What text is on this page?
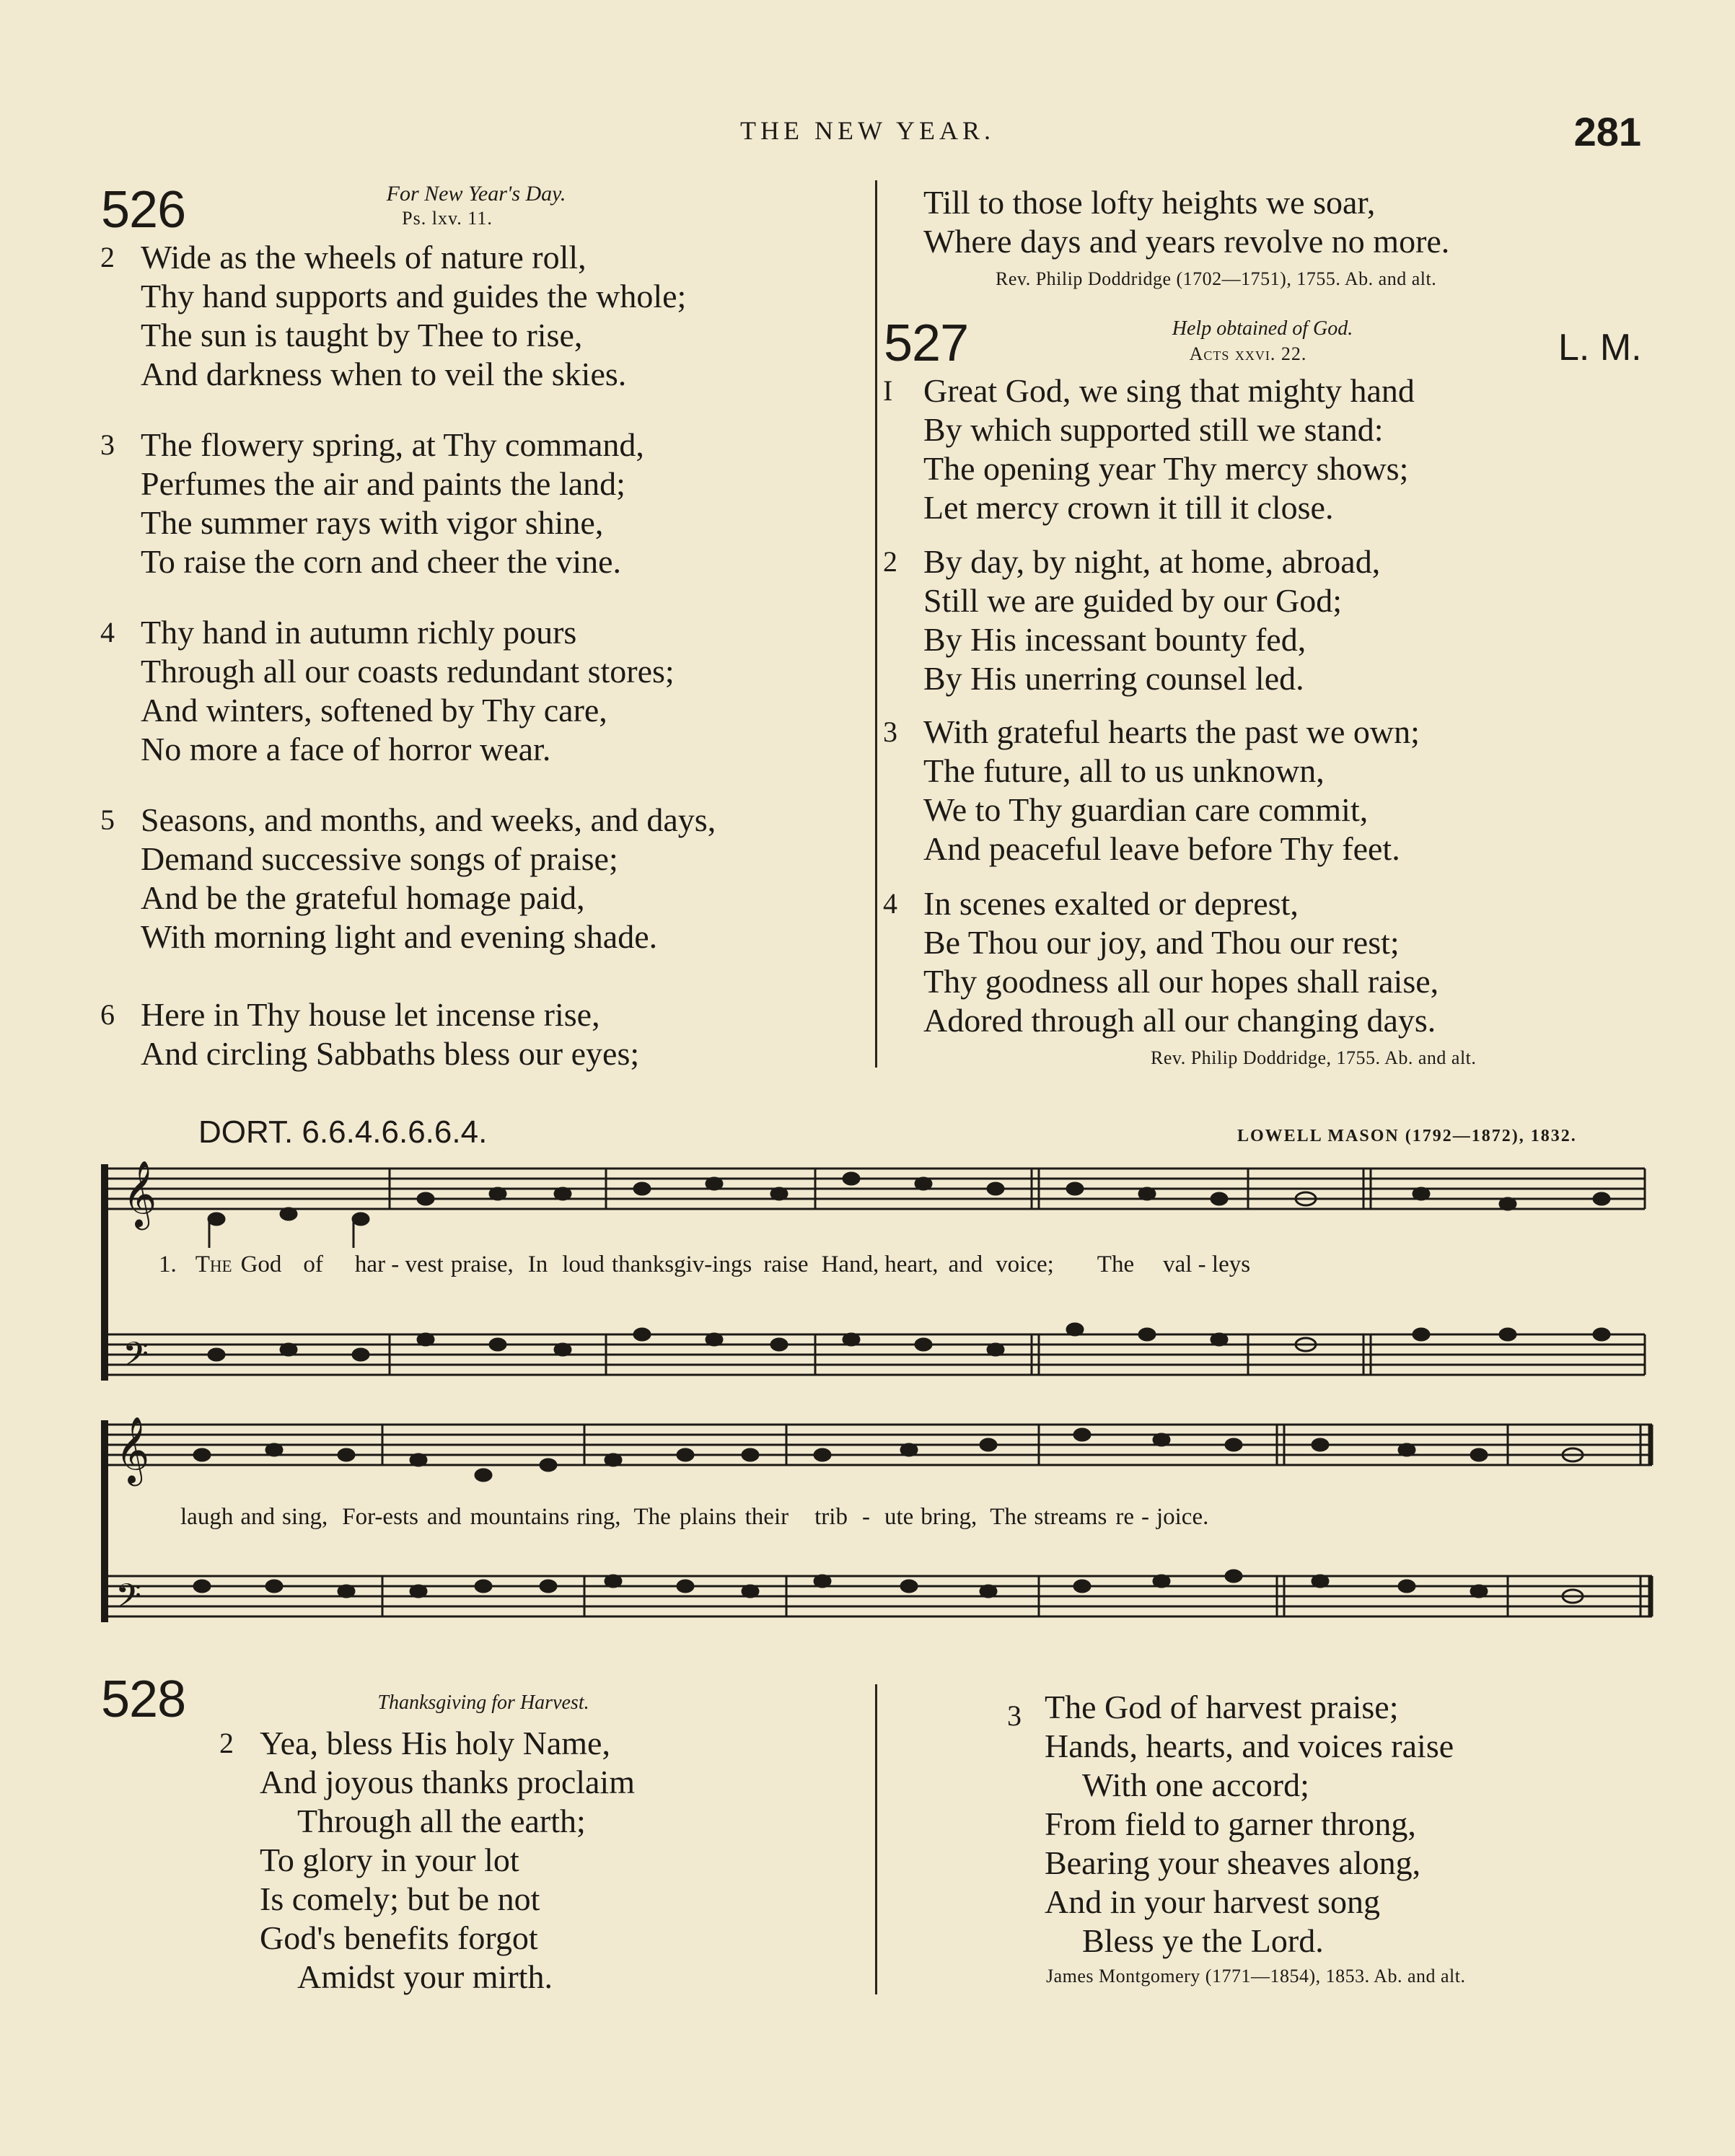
THE NEW YEAR.	281
526	For New Year's Day.
Ps. lxv. 11.
2 Wide as the wheels of nature roll,
Thy hand supports and guides the whole;
The sun is taught by Thee to rise,
And darkness when to veil the skies.
3 The flowery spring, at Thy command,
Perfumes the air and paints the land;
The summer rays with vigor shine,
To raise the corn and cheer the vine.
4 Thy hand in autumn richly pours
Through all our coasts redundant stores;
And winters, softened by Thy care,
No more a face of horror wear.
5 Seasons, and months, and weeks, and days,
Demand successive songs of praise;
And be the grateful homage paid,
With morning light and evening shade.
6 Here in Thy house let incense rise,
And circling Sabbaths bless our eyes;
Till to those lofty heights we soar,
Where days and years revolve no more.
Rev. Philip Doddridge (1702—1751), 1755. Ab. and alt.
527	Help obtained of God.
Acts xxvi. 22.	L. M.
I Great God, we sing that mighty hand
By which supported still we stand:
The opening year Thy mercy shows;
Let mercy crown it till it close.
2 By day, by night, at home, abroad,
Still we are guided by our God;
By His incessant bounty fed,
By His unerring counsel led.
3 With grateful hearts the past we own;
The future, all to us unknown,
We to Thy guardian care commit,
And peaceful leave before Thy feet.
4 In scenes exalted or deprest,
Be Thou our joy, and Thou our rest;
Thy goodness all our hopes shall raise,
Adored through all our changing days.
Rev. Philip Doddridge, 1755. Ab. and alt.
DORT. 6.6.4.6.6.6.4.	LOWELL MASON (1792—1872), 1832.
𝄞
𝄢
1. The God of har - vest praise, In loud thanksgiv-ings raise Hand, heart, and voice; The val - leys
𝄞
𝄢
laugh and sing, For-ests and mountains ring, The plains their trib - ute bring, The streams re - joice.
528	Thanksgiving for Harvest.
2 Yea, bless His holy Name,
And joyous thanks proclaim
Through all the earth;
To glory in your lot
Is comely; but be not
God's benefits forgot
Amidst your mirth.
3 The God of harvest praise;
Hands, hearts, and voices raise
With one accord;
From field to garner throng,
Bearing your sheaves along,
And in your harvest song
Bless ye the Lord.
James Montgomery (1771—1854), 1853. Ab. and alt.
